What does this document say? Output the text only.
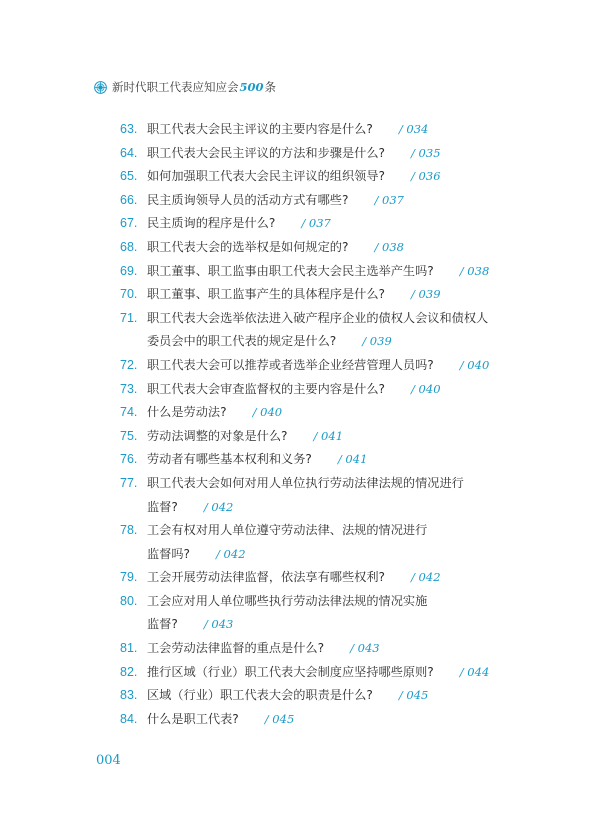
新时代职工代表应知应会 500 条
63. 职工代表大会民主评议的主要内容是什么? / 034
64. 职工代表大会民主评议的方法和步骤是什么? / 035
65. 如何加强职工代表大会民主评议的组织领导? / 036
66. 民主质询领导人员的活动方式有哪些? / 037
67. 民主质询的程序是什么? / 037
68. 职工代表大会的选举权是如何规定的? / 038
69. 职工董事、职工监事由职工代表大会民主选举产生吗? / 038
70. 职工董事、职工监事产生的具体程序是什么? / 039
71. 职工代表大会选举依法进入破产程序企业的债权人会议和债权人
委员会中的职工代表的规定是什么? / 039
72. 职工代表大会可以推荐或者选举企业经营管理人员吗? / 040
73. 职工代表大会审查监督权的主要内容是什么? / 040
74. 什么是劳动法? / 040
75. 劳动法调整的对象是什么? / 041
76. 劳动者有哪些基本权利和义务? / 041
77. 职工代表大会如何对用人单位执行劳动法律法规的情况进行
监督? / 042
78. 工会有权对用人单位遵守劳动法律、法规的情况进行
监督吗? / 042
79. 工会开展劳动法律监督，依法享有哪些权利? / 042
80. 工会应对用人单位哪些执行劳动法律法规的情况实施
监督? / 043
81. 工会劳动法律监督的重点是什么? / 043
82. 推行区域（行业）职工代表大会制度应坚持哪些原则? / 044
83. 区域（行业）职工代表大会的职责是什么? / 045
84. 什么是职工代表? / 045
004
